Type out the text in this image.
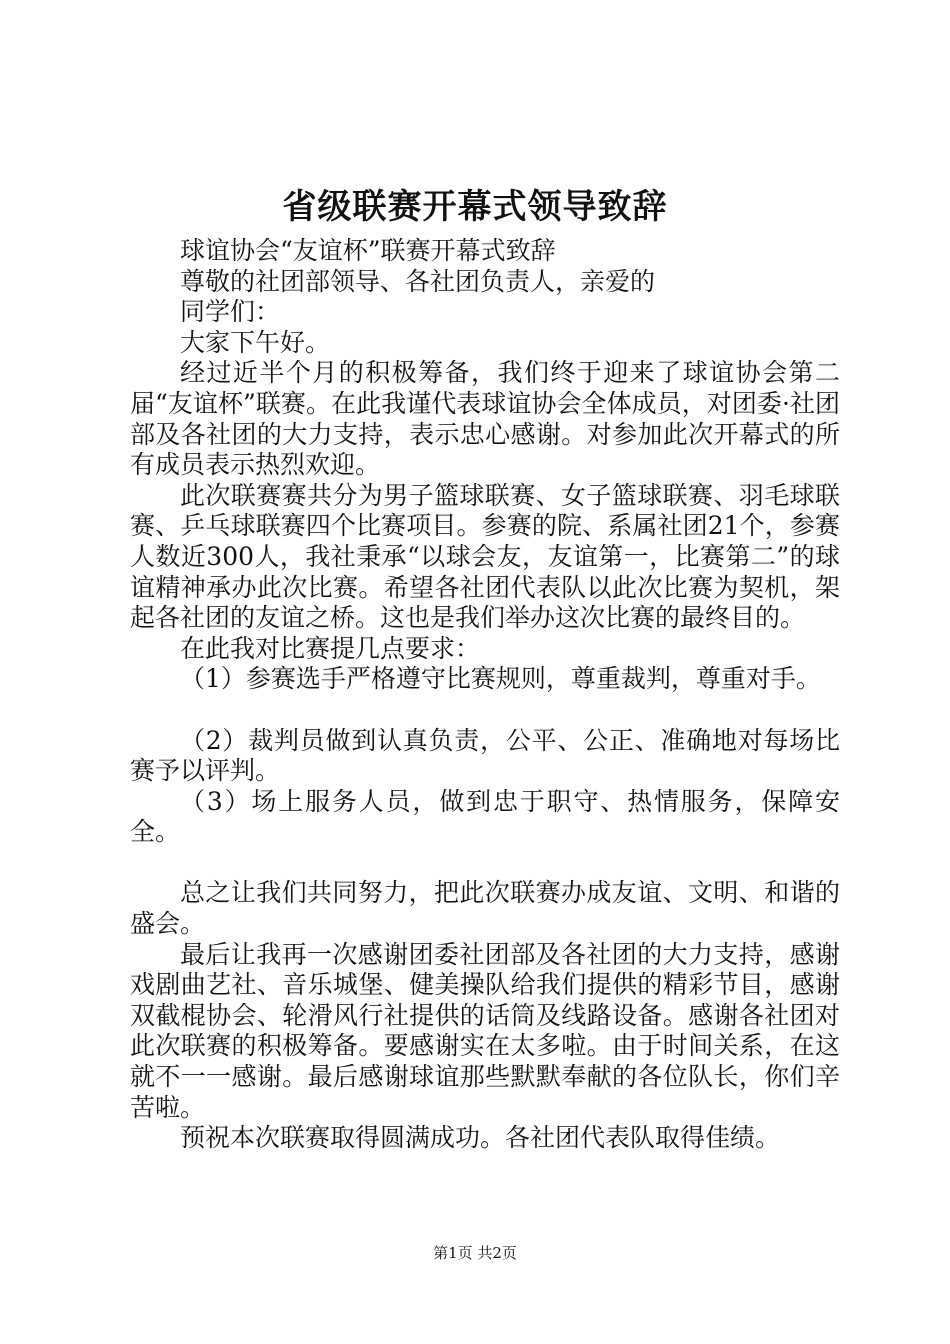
省级联赛开幕式领导致辞

球谊协会“友谊杯”联赛开幕式致辞

尊敬的社团部领导、各社团负责人，亲爱的

同学们：

大家下午好。

经过近半个月的积极筹备，我们终于迎来了球谊协会第二届“友谊杯”联赛。在此我谨代表球谊协会全体成员，对团委·社团部及各社团的大力支持，表示忠心感谢。对参加此次开幕式的所有成员表示热烈欢迎。

此次联赛赛共分为男子篮球联赛、女子篮球联赛、羽毛球联赛、乒乓球联赛四个比赛项目。参赛的院、系属社团21个，参赛人数近300人，我社秉承“以球会友，友谊第一，比赛第二”的球谊精神承办此次比赛。希望各社团代表队以此次比赛为契机，架起各社团的友谊之桥。这也是我们举办这次比赛的最终目的。

在此我对比赛提几点要求：

（1）参赛选手严格遵守比赛规则，尊重裁判，尊重对手。

（2）裁判员做到认真负责，公平、公正、准确地对每场比赛予以评判。

（3）场上服务人员，做到忠于职守、热情服务，保障安全。

总之让我们共同努力，把此次联赛办成友谊、文明、和谐的盛会。

最后让我再一次感谢团委社团部及各社团的大力支持，感谢戏剧曲艺社、音乐城堡、健美操队给我们提供的精彩节目，感谢双截棍协会、轮滑风行社提供的话筒及线路设备。感谢各社团对此次联赛的积极筹备。要感谢实在太多啦。由于时间关系，在这就不一一感谢。最后感谢球谊那些默默奉献的各位队长，你们辛苦啦。

预祝本次联赛取得圆满成功。各社团代表队取得佳绩。

第1页 共2页
